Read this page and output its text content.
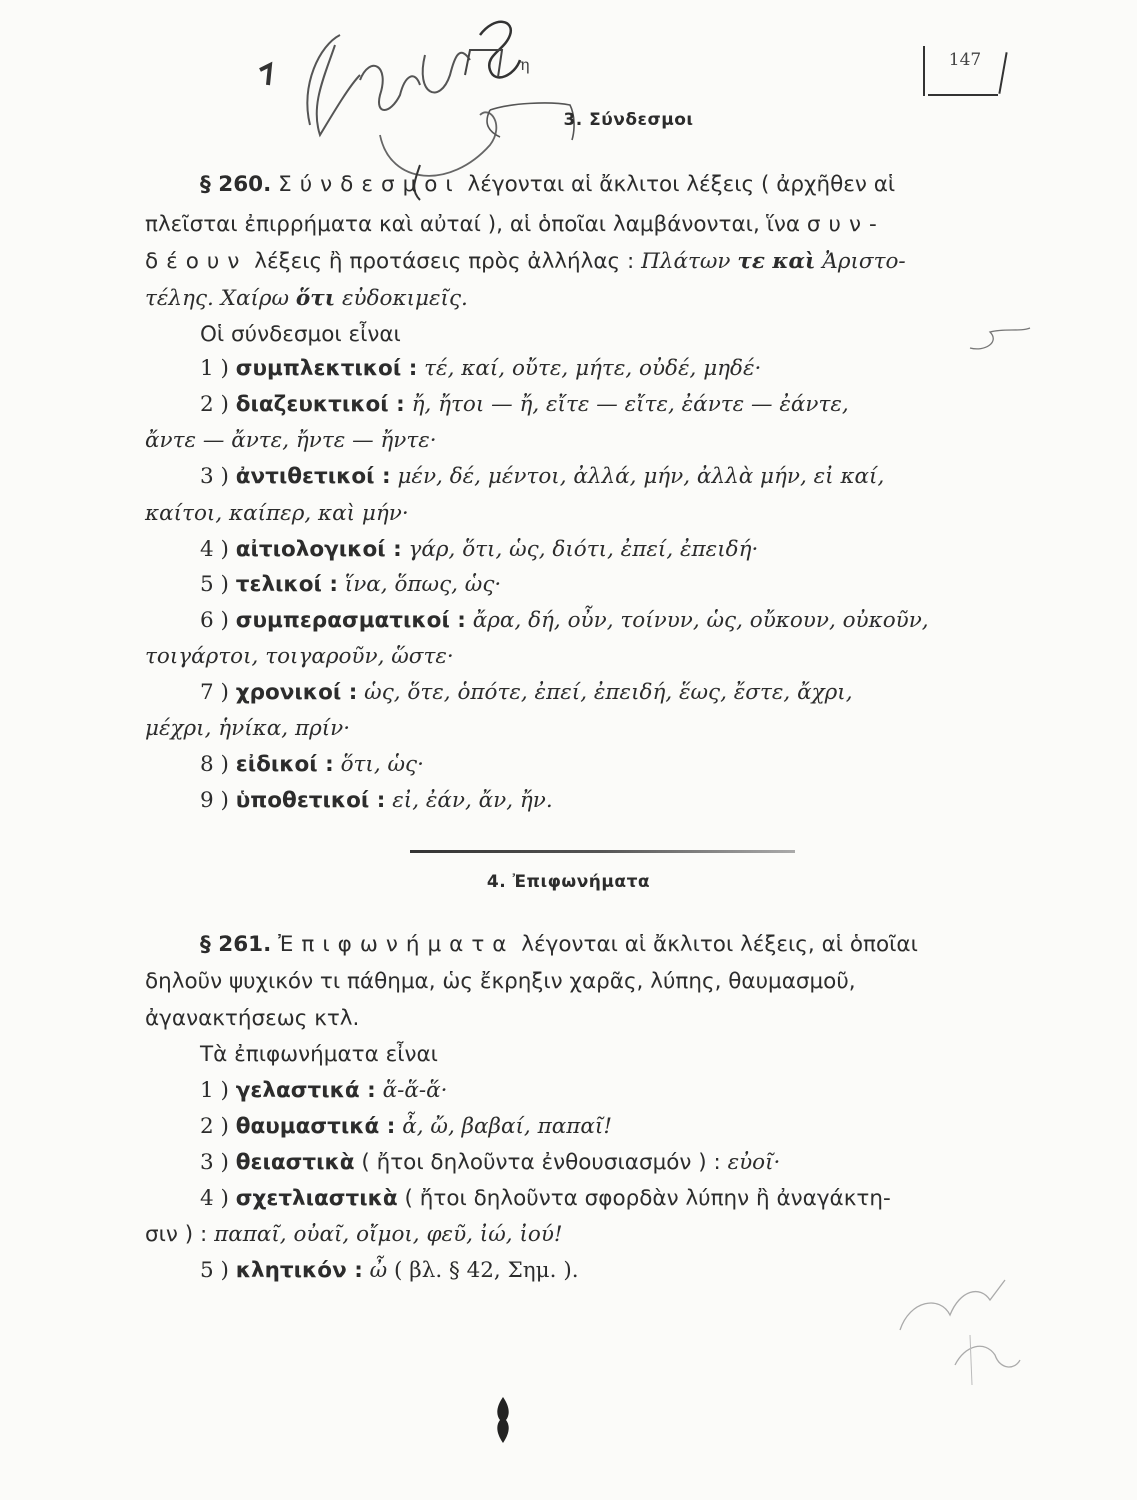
η	147
3. Σύνδεσμοι
§ 260. Σύνδεσμοι λέγονται αἱ ἄκλιτοι λέξεις ( ἀρχῆθεν αἱ
πλεῖσται ἐπιρρήματα καὶ αὐταί ), αἱ ὁποῖαι λαμβάνονται, ἵνα συν-
δέουν λέξεις ἢ προτάσεις πρὸς ἀλλήλας : Πλάτων τε καὶ Ἀριστο-
τέλης. Χαίρω ὅτι εὐδοκιμεῖς.
Οἱ σύνδεσμοι εἶναι
1 ) συμπλεκτικοί : τέ, καί, οὔτε, μήτε, οὐδέ, μηδέ·
2 ) διαζευκτικοί : ἤ, ἤτοι — ἤ, εἴτε — εἴτε, ἐάντε — ἐάντε,
ἄντε — ἄντε, ἤντε — ἤντε·
3 ) ἀντιθετικοί : μέν, δέ, μέντοι, ἀλλά, μήν, ἀλλὰ μήν, εἰ καί,
καίτοι, καίπερ, καὶ μήν·
4 ) αἰτιολογικοί : γάρ, ὅτι, ὡς, διότι, ἐπεί, ἐπειδή·
5 ) τελικοί : ἵνα, ὅπως, ὡς·
6 ) συμπερασματικοί : ἄρα, δή, οὖν, τοίνυν, ὡς, οὔκουν, οὐκοῦν,
τοιγάρτοι, τοιγαροῦν, ὥστε·
7 ) χρονικοί : ὡς, ὅτε, ὁπότε, ἐπεί, ἐπειδή, ἕως, ἔστε, ἄχρι,
μέχρι, ἡνίκα, πρίν·
8 ) εἰδικοί : ὅτι, ὡς·
9 ) ὑποθετικοί : εἰ, ἐάν, ἄν, ἤν.
4. Ἐπιφωνήματα
§ 261. Ἐπιφωνήματα λέγονται αἱ ἄκλιτοι λέξεις, αἱ ὁποῖαι
δηλοῦν ψυχικόν τι πάθημα, ὡς ἔκρηξιν χαρᾶς, λύπης, θαυμασμοῦ,
ἀγανακτήσεως κτλ.
Τὰ ἐπιφωνήματα εἶναι
1 ) γελαστικά : ἅ-ἅ-ἅ·
2 ) θαυμαστικά : ἆ, ὤ, βαβαί, παπαῖ!
3 ) θειαστικὰ ( ἤτοι δηλοῦντα ἐνθουσιασμόν ) : εὐοῖ·
4 ) σχετλιαστικὰ ( ἤτοι δηλοῦντα σφορδὰν λύπην ἢ ἀναγάκτη-
σιν ) : παπαῖ, οὐαῖ, οἴμοι, φεῦ, ἰώ, ἰού!
5 ) κλητικόν : ὦ ( βλ. § 42, Σημ. ).
